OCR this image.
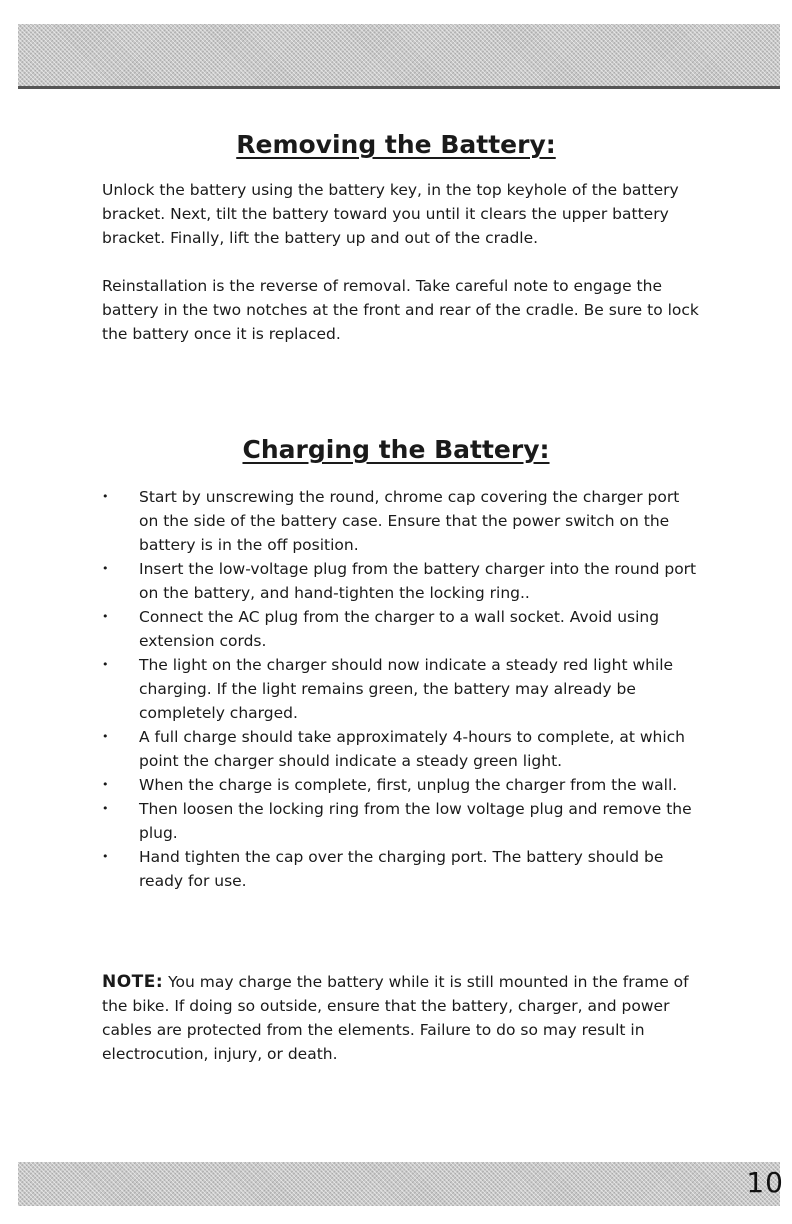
Removing the Battery:

Unlock the battery using the battery key, in the top keyhole of the battery bracket. Next, tilt the battery toward you until it clears the upper battery bracket. Finally, lift the battery up and out of the cradle.

Reinstallation is the reverse of removal. Take careful note to engage the battery in the two notches at the front and rear of the cradle. Be sure to lock the battery once it is replaced.

Charging the Battery:
• Start by unscrewing the round, chrome cap covering the charger port on the side of the battery case. Ensure that the power switch on the battery is in the off position.
• Insert the low-voltage plug from the battery charger into the round port on the battery, and hand-tighten the locking ring..
• Connect the AC plug from the charger to a wall socket. Avoid using extension cords.
• The light on the charger should now indicate a steady red light while charging. If the light remains green, the battery may already be completely charged.
• A full charge should take approximately 4-hours to complete, at which point the charger should indicate a steady green light.
• When the charge is complete, first, unplug the charger from the wall.
• Then loosen the locking ring from the low voltage plug and remove the plug.
• Hand tighten the cap over the charging port. The battery should be ready for use.

NOTE: You may charge the battery while it is still mounted in the frame of the bike. If doing so outside, ensure that the battery, charger, and power cables are protected from the elements. Failure to do so may result in electrocution, injury, or death.

10
